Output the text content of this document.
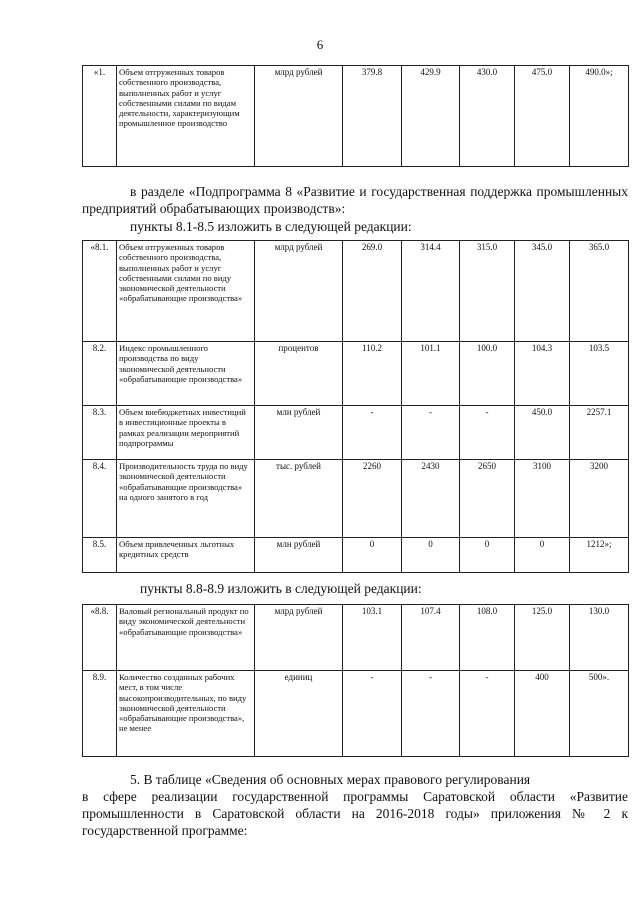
6
«1.	Объем отгруженных товаров собственного производства, выполненных работ и услуг собственными силами по видам деятельности, характеризующим промышленное производство	млрд рублей	379.8	429.9	430.0	475.0	490.0»;
в разделе «Подпрограмма 8 «Развитие и государственная поддержка промышленных предприятий обрабатывающих производств»:
пункты 8.1-8.5 изложить в следующей редакции:
«8.1.	Объем отгруженных товаров собственного производства, выполненных работ и услуг собственными силами по виду экономической деятельности «обрабатывающие производства»	млрд рублей	269.0	314.4	315.0	345.0	365.0
8.2.	Индекс промышленного производства по виду экономической деятельности «обрабатывающие производства»	процентов	110.2	101.1	100.0	104.3	103.5
8.3.	Объем внебюджетных инвестиций в инвестиционные проекты в рамках реализации мероприятий подпрограммы	млн рублей	-	-	-	450.0	2257.1
8.4.	Производительность труда по виду экономической деятельности «обрабатывающие производства» на одного занятого в год	тыс. рублей	2260	2430	2650	3100	3200
8.5.	Объем привлеченных льготных кредитных средств	млн рублей	0	0	0	0	1212»;
пункты 8.8-8.9 изложить в следующей редакции:
«8.8.	Валовый региональный продукт по виду экономической деятельности «обрабатывающие производства»	млрд рублей	103.1	107.4	108.0	125.0	130.0
8.9.	Количество созданных рабочих мест, в том числе высокопроизводительных, по виду экономической деятельности «обрабатывающие производства», не менее	единиц	-	-	-	400	500».
5. В таблице «Сведения об основных мерах правового регулирования
в сфере реализации государственной программы Саратовской области «Развитие промышленности в Саратовской области на 2016-2018 годы» приложения № 2 к государственной программе:
